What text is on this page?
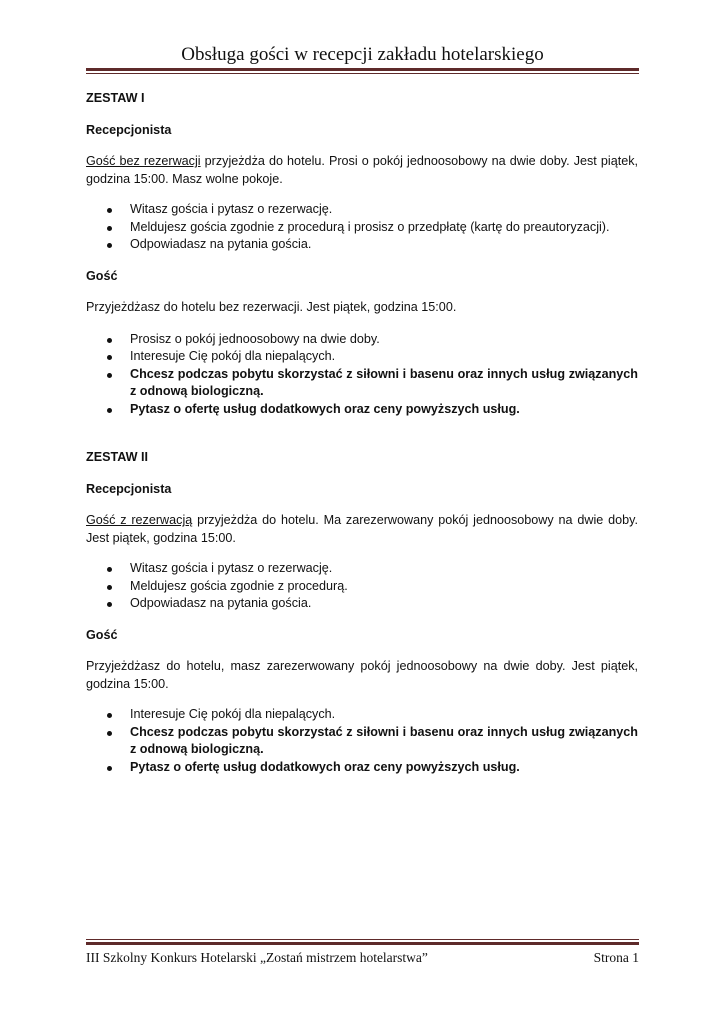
Obsługa gości w recepcji zakładu hotelarskiego

ZESTAW I

Recepcjonista

Gość bez rezerwacji przyjeżdża do hotelu. Prosi o pokój jednoosobowy na dwie doby. Jest piątek, godzina 15:00. Masz wolne pokoje.

Witasz gościa i pytasz o rezerwację.
Meldujesz gościa zgodnie z procedurą i prosisz o przedpłatę (kartę do preautoryzacji).
Odpowiadasz na pytania gościa.

Gość

Przyjeżdżasz do hotelu bez rezerwacji. Jest piątek, godzina 15:00.

Prosisz o pokój jednoosobowy na dwie doby.
Interesuje Cię pokój dla niepalących.
Chcesz podczas pobytu skorzystać z siłowni i basenu oraz innych usług związanych z odnową biologiczną.
Pytasz o ofertę usług dodatkowych oraz ceny powyższych usług.

ZESTAW II

Recepcjonista

Gość z rezerwacją przyjeżdża do hotelu. Ma zarezerwowany pokój jednoosobowy na dwie doby. Jest piątek, godzina 15:00.

Witasz gościa i pytasz o rezerwację.
Meldujesz gościa zgodnie z procedurą.
Odpowiadasz na pytania gościa.

Gość

Przyjeżdżasz do hotelu, masz zarezerwowany pokój jednoosobowy na dwie doby. Jest piątek, godzina 15:00.

Interesuje Cię pokój dla niepalących.
Chcesz podczas pobytu skorzystać z siłowni i basenu oraz innych usług związanych z odnową biologiczną.
Pytasz o ofertę usług dodatkowych oraz ceny powyższych usług.
III Szkolny Konkurs Hotelarski „Zostań mistrzem hotelarstwa”	Strona 1
